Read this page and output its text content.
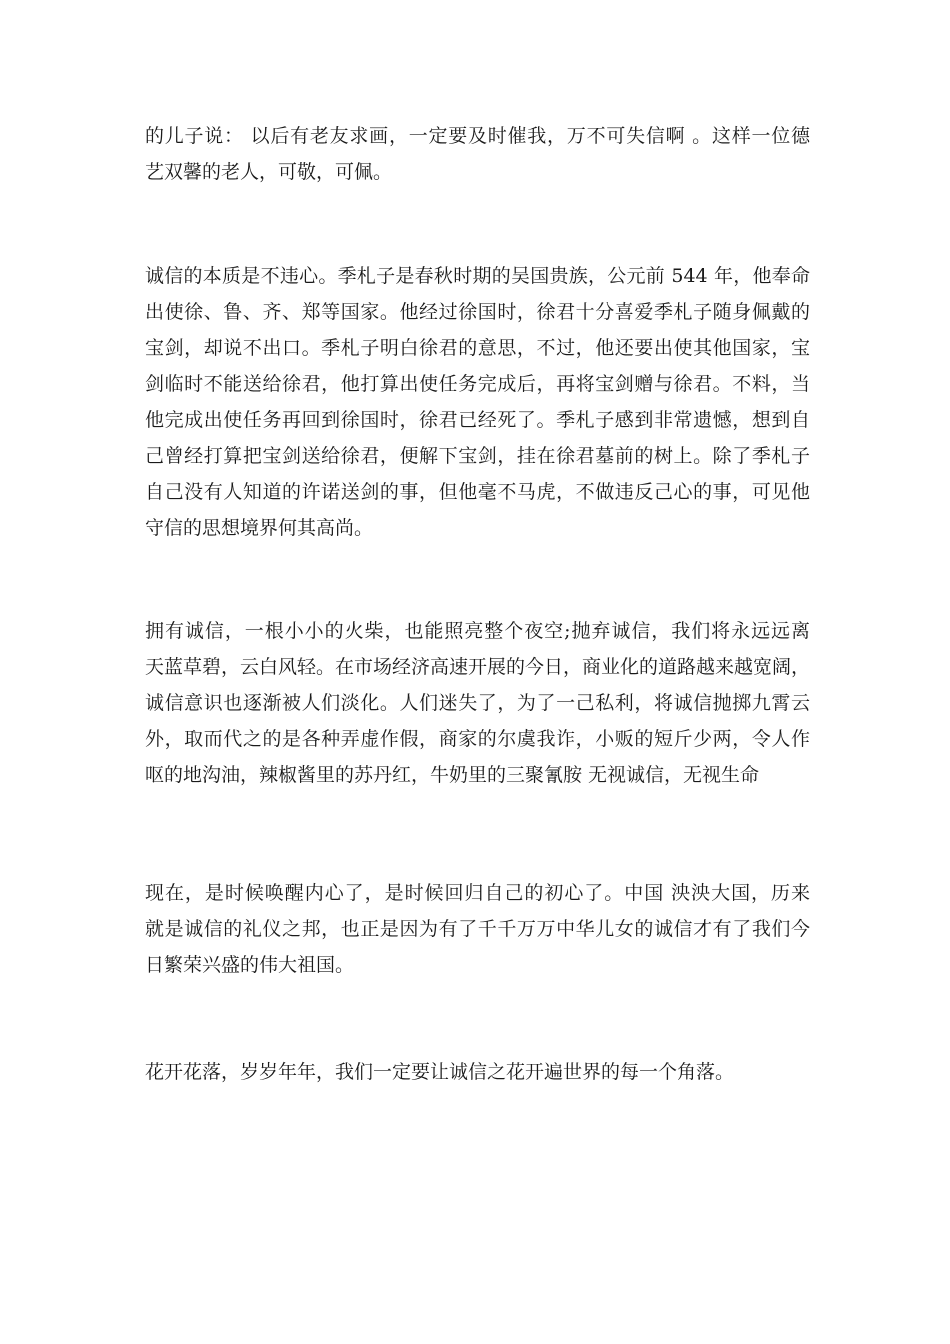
的儿子说： 以后有老友求画，一定要及时催我，万不可失信啊 。这样一位德
艺双馨的老人，可敬，可佩。
诚信的本质是不违心。季札子是春秋时期的吴国贵族，公元前 544 年，他奉命
出使徐、鲁、齐、郑等国家。他经过徐国时，徐君十分喜爱季札子随身佩戴的
宝剑，却说不出口。季札子明白徐君的意思，不过，他还要出使其他国家，宝
剑临时不能送给徐君，他打算出使任务完成后，再将宝剑赠与徐君。不料，当
他完成出使任务再回到徐国时，徐君已经死了。季札子感到非常遗憾，想到自
己曾经打算把宝剑送给徐君，便解下宝剑，挂在徐君墓前的树上。除了季札子
自己没有人知道的许诺送剑的事，但他毫不马虎，不做违反己心的事，可见他
守信的思想境界何其高尚。
拥有诚信，一根小小的火柴，也能照亮整个夜空;抛弃诚信，我们将永远远离
天蓝草碧，云白风轻。在市场经济高速开展的今日，商业化的道路越来越宽阔，
诚信意识也逐渐被人们淡化。人们迷失了，为了一己私利，将诚信抛掷九霄云
外，取而代之的是各种弄虚作假，商家的尔虞我诈，小贩的短斤少两，令人作
呕的地沟油，辣椒酱里的苏丹红，牛奶里的三聚氰胺 无视诚信，无视生命
现在，是时候唤醒内心了，是时候回归自己的初心了。中国 泱泱大国，历来
就是诚信的礼仪之邦，也正是因为有了千千万万中华儿女的诚信才有了我们今
日繁荣兴盛的伟大祖国。
花开花落，岁岁年年，我们一定要让诚信之花开遍世界的每一个角落。
